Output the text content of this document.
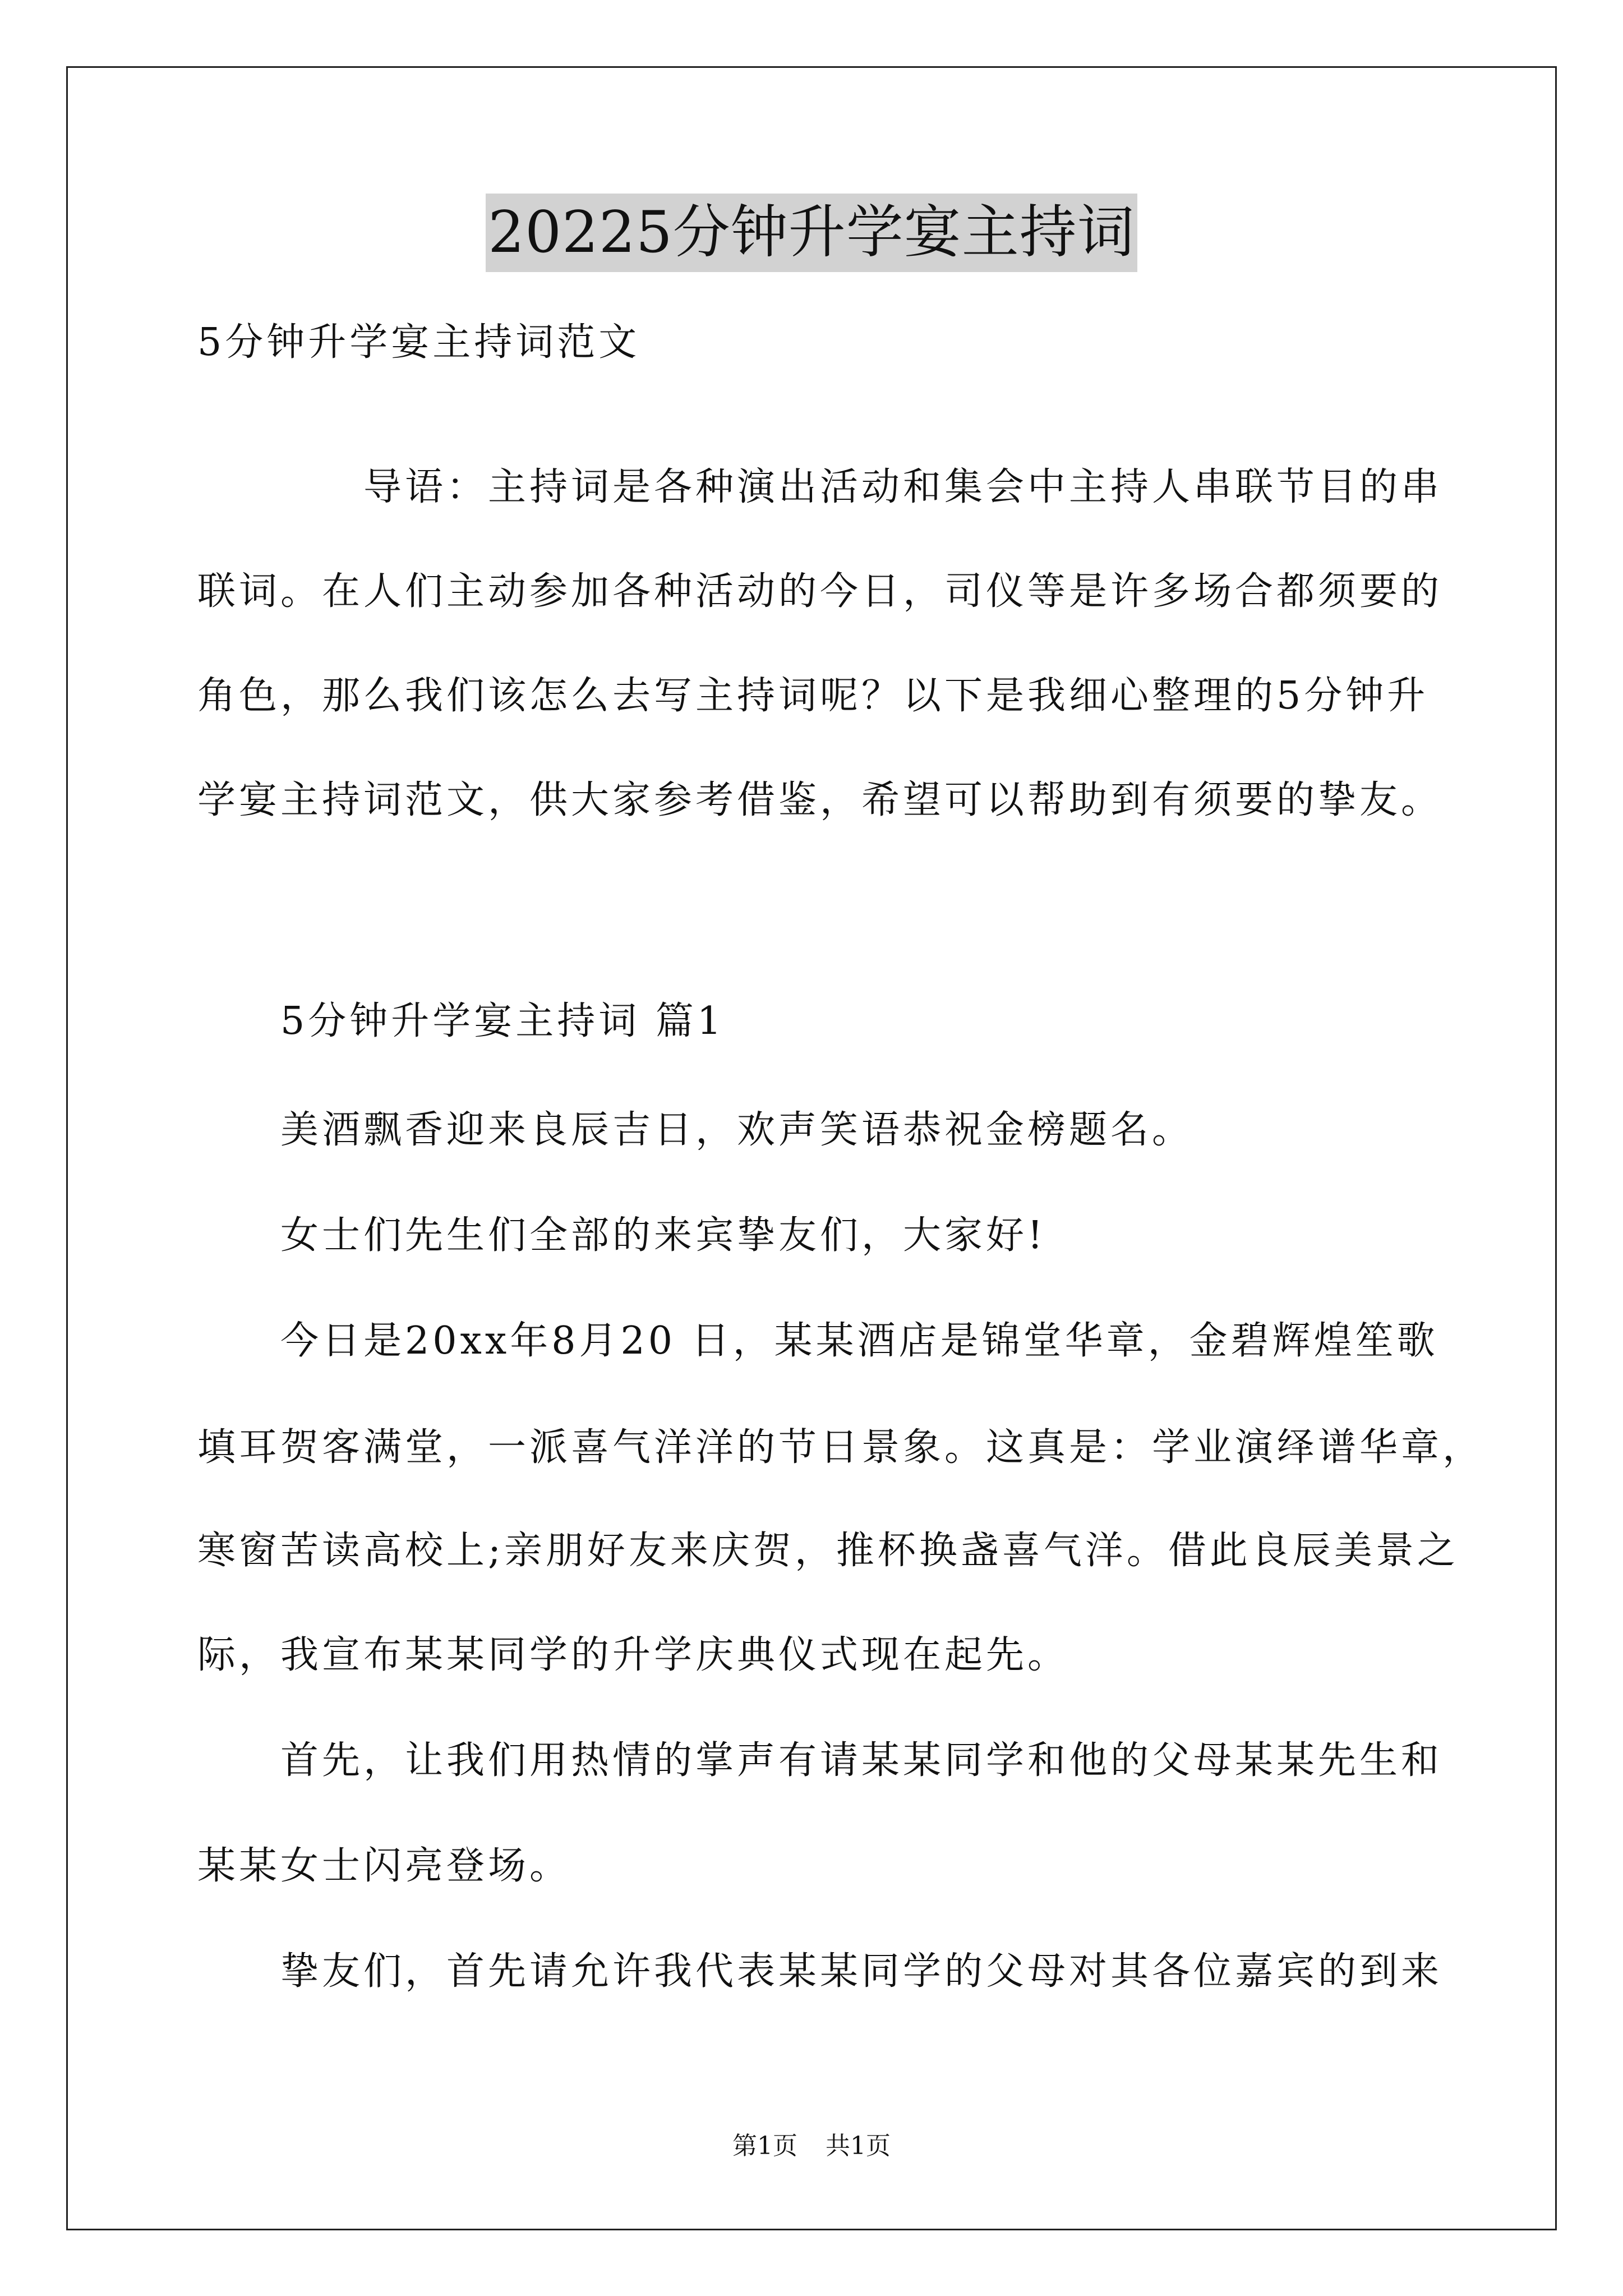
20225分钟升学宴主持词
5分钟升学宴主持词范文
导语：主持词是各种演出活动和集会中主持人串联节目的串
联词。在人们主动参加各种活动的今日，司仪等是许多场合都须要的
角色，那么我们该怎么去写主持词呢？以下是我细心整理的5分钟升
学宴主持词范文，供大家参考借鉴，希望可以帮助到有须要的挚友。
5分钟升学宴主持词 篇1
美酒飘香迎来良辰吉日，欢声笑语恭祝金榜题名。
女士们先生们全部的来宾挚友们，大家好!
今日是20xx年8月20 日，某某酒店是锦堂华章，金碧辉煌笙歌
填耳贺客满堂，一派喜气洋洋的节日景象。这真是：学业演绎谱华章，
寒窗苦读高校上;亲朋好友来庆贺，推杯换盏喜气洋。借此良辰美景之
际，我宣布某某同学的升学庆典仪式现在起先。
首先，让我们用热情的掌声有请某某同学和他的父母某某先生和
某某女士闪亮登场。
挚友们，首先请允许我代表某某同学的父母对其各位嘉宾的到来
第1页 共1页
